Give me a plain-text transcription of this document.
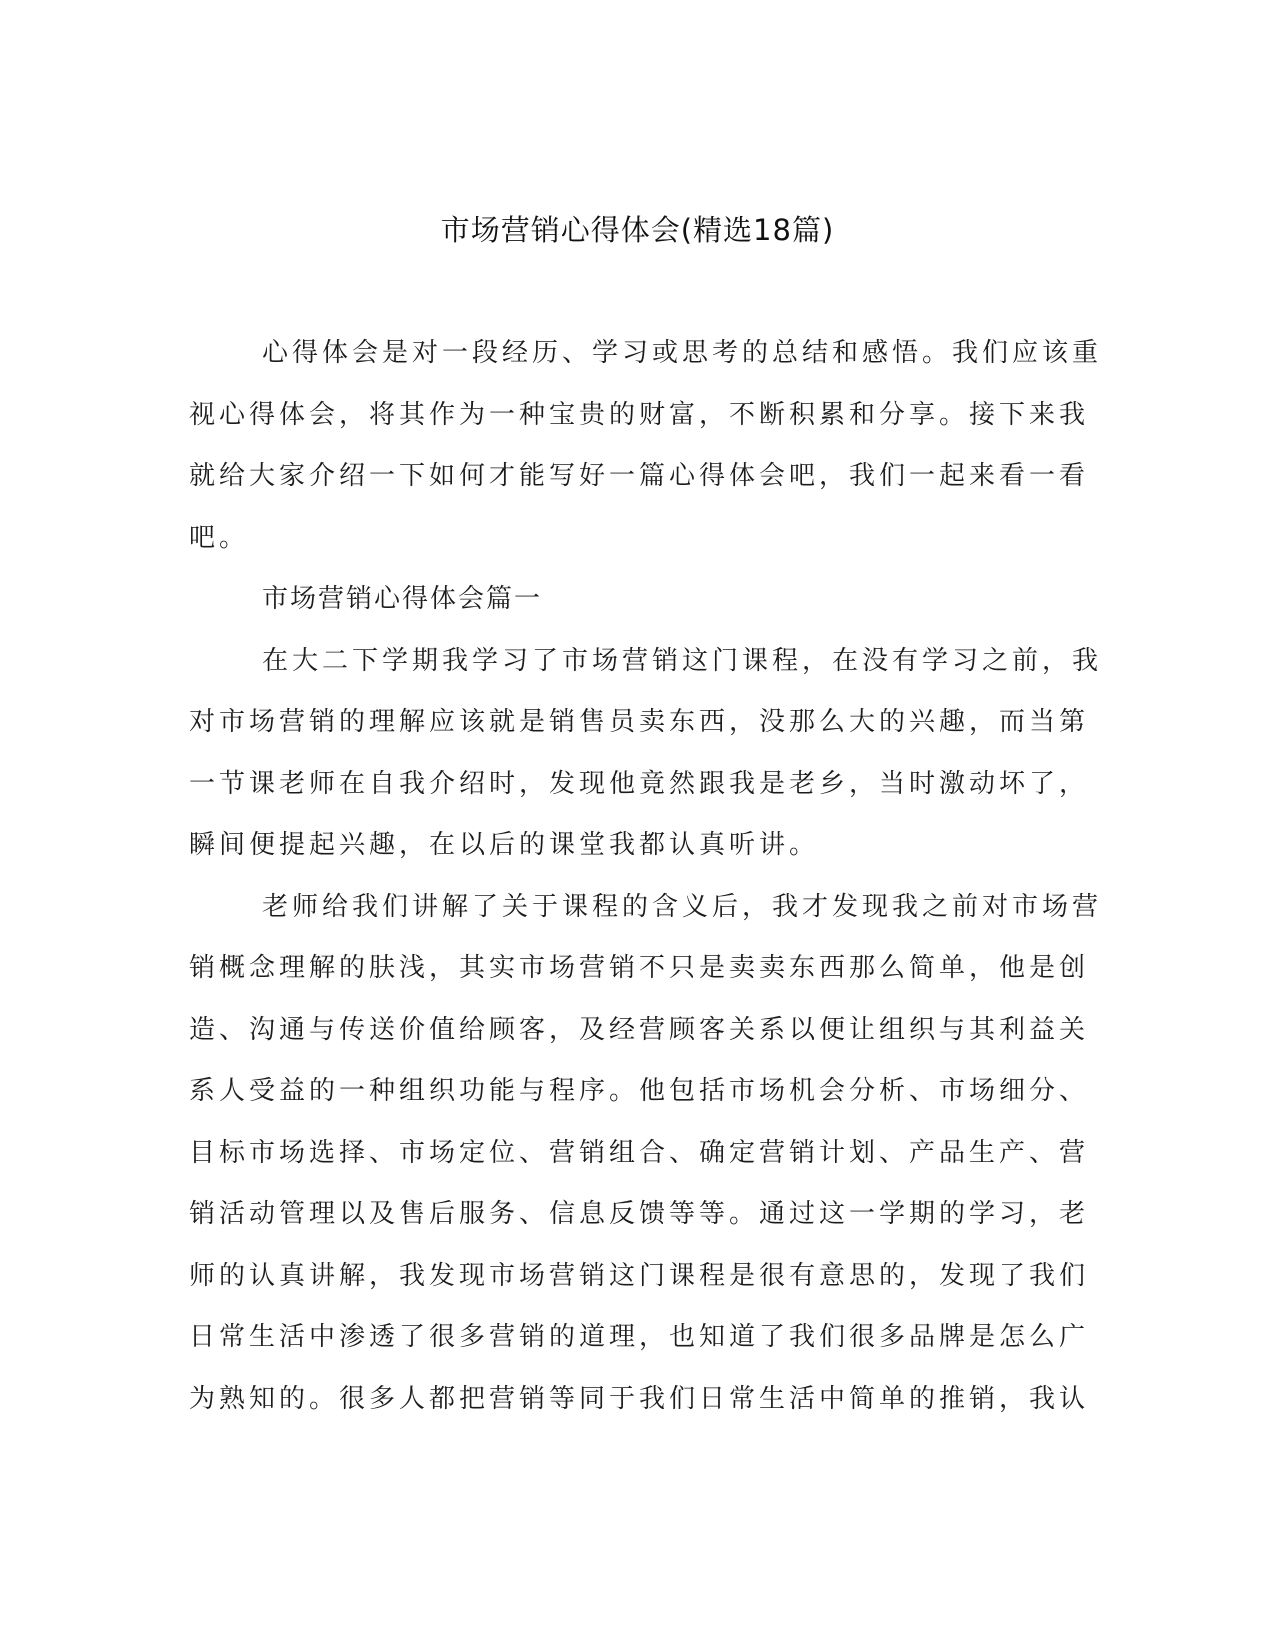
市场营销心得体会(精选18篇)
心得体会是对一段经历、学习或思考的总结和感悟。我们应该重
视心得体会，将其作为一种宝贵的财富，不断积累和分享。接下来我
就给大家介绍一下如何才能写好一篇心得体会吧，我们一起来看一看
吧。
市场营销心得体会篇一
在大二下学期我学习了市场营销这门课程，在没有学习之前，我
对市场营销的理解应该就是销售员卖东西，没那么大的兴趣，而当第
一节课老师在自我介绍时，发现他竟然跟我是老乡，当时激动坏了，
瞬间便提起兴趣，在以后的课堂我都认真听讲。
老师给我们讲解了关于课程的含义后，我才发现我之前对市场营
销概念理解的肤浅，其实市场营销不只是卖卖东西那么简单，他是创
造、沟通与传送价值给顾客，及经营顾客关系以便让组织与其利益关
系人受益的一种组织功能与程序。他包括市场机会分析、市场细分、
目标市场选择、市场定位、营销组合、确定营销计划、产品生产、营
销活动管理以及售后服务、信息反馈等等。通过这一学期的学习，老
师的认真讲解，我发现市场营销这门课程是很有意思的，发现了我们
日常生活中渗透了很多营销的道理，也知道了我们很多品牌是怎么广
为熟知的。很多人都把营销等同于我们日常生活中简单的推销，我认
